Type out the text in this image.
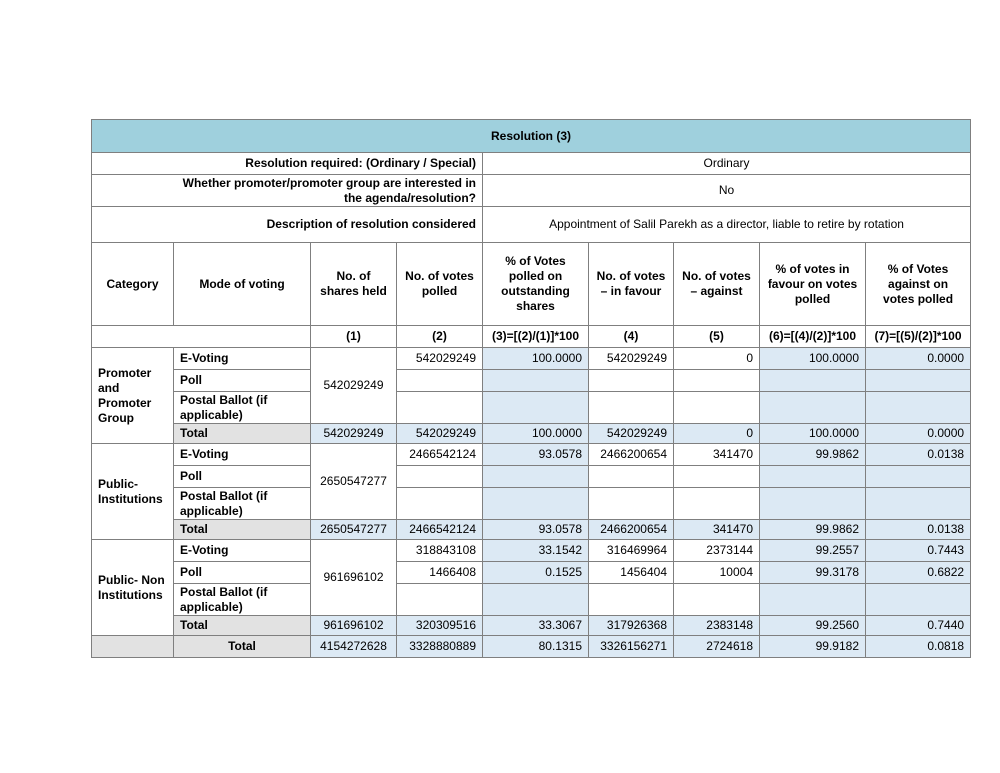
Resolution (3)								
Resolution required: (Ordinary / Special)				Ordinary				
Whether promoter/promoter group are interested in the agenda/resolution?				No				
Description of resolution considered				Appointment of Salil Parekh as a director, liable to retire by rotation				
Category	Mode of voting	No. of shares held	No. of votes polled	% of Votes polled on outstanding shares	No. of votes – in favour	No. of votes – against	% of votes in favour on votes polled	% of Votes against on votes polled
		(1)	(2)	(3)=[(2)/(1)]*100	(4)	(5)	(6)=[(4)/(2)]*100	(7)=[(5)/(2)]*100
Promoter and Promoter Group	E-Voting	542029249	542029249	100.0000	542029249	0	100.0000	0.0000
	Poll							
	Postal Ballot (if applicable)							
	Total	542029249	542029249	100.0000	542029249	0	100.0000	0.0000
Public- Institutions	E-Voting	2650547277	2466542124	93.0578	2466200654	341470	99.9862	0.0138
	Poll							
	Postal Ballot (if applicable)							
	Total	2650547277	2466542124	93.0578	2466200654	341470	99.9862	0.0138
Public- Non Institutions	E-Voting	961696102	318843108	33.1542	316469964	2373144	99.2557	0.7443
	Poll		1466408	0.1525	1456404	10004	99.3178	0.6822
	Postal Ballot (if applicable)							
	Total	961696102	320309516	33.3067	317926368	2383148	99.2560	0.7440
	Total	4154272628	3328880889	80.1315	3326156271	2724618	99.9182	0.0818
